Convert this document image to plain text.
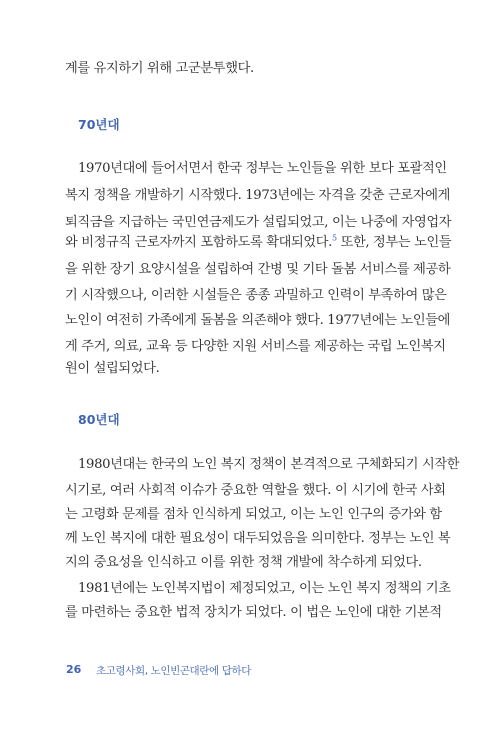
계를 유지하기 위해 고군분투했다.
70년대
1970년대에 들어서면서 한국 정부는 노인들을 위한 보다 포괄적인
복지 정책을 개발하기 시작했다. 1973년에는 자격을 갖춘 근로자에게
퇴직금을 지급하는 국민연금제도가 설립되었고, 이는 나중에 자영업자
와 비정규직 근로자까지 포함하도록 확대되었다.$^5$ 또한, 정부는 노인들
을 위한 장기 요양시설을 설립하여 간병 및 기타 돌봄 서비스를 제공하
기 시작했으나, 이러한 시설들은 종종 과밀하고 인력이 부족하여 많은
노인이 여전히 가족에게 돌봄을 의존해야 했다. 1977년에는 노인들에
게 주거, 의료, 교육 등 다양한 지원 서비스를 제공하는 국립 노인복지
원이 설립되었다.
80년대
1980년대는 한국의 노인 복지 정책이 본격적으로 구체화되기 시작한
시기로, 여러 사회적 이슈가 중요한 역할을 했다. 이 시기에 한국 사회
는 고령화 문제를 점차 인식하게 되었고, 이는 노인 인구의 증가와 함
께 노인 복지에 대한 필요성이 대두되었음을 의미한다. 정부는 노인 복
지의 중요성을 인식하고 이를 위한 정책 개발에 착수하게 되었다.
1981년에는 노인복지법이 제정되었고, 이는 노인 복지 정책의 기초
를 마련하는 중요한 법적 장치가 되었다. 이 법은 노인에 대한 기본적
26 초고령사회, 노인빈곤대란에 답하다
